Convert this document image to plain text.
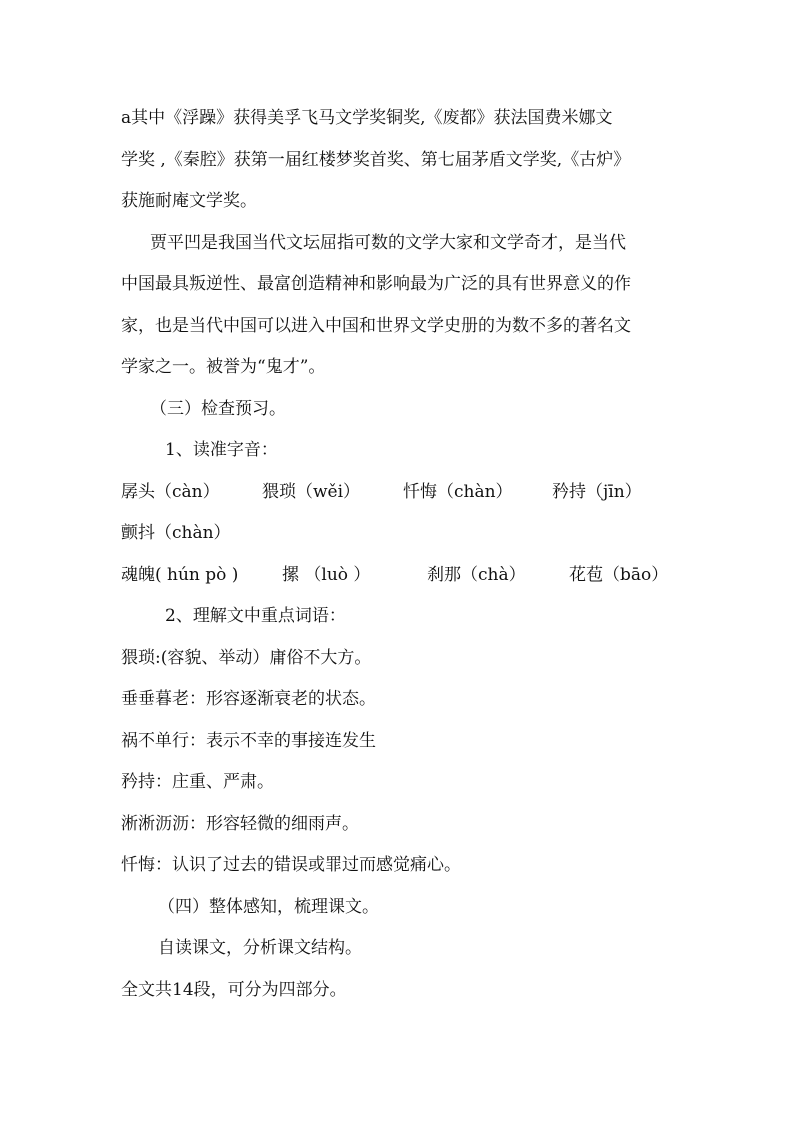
a其中《浮躁》获得美孚飞马文学奖铜奖,《废都》获法国费米娜文
学奖 ,《秦腔》获第一届红楼梦奖首奖、第七届茅盾文学奖,《古炉》
获施耐庵文学奖。
贾平凹是我国当代文坛屈指可数的文学大家和文学奇才，是当代
中国最具叛逆性、最富创造精神和影响最为广泛的具有世界意义的作
家，也是当代中国可以进入中国和世界文学史册的为数不多的著名文
学家之一。被誉为“鬼才”。
（三）检查预习。
1、读准字音：
孱头（càn） 猥琐（wěi）	忏悔（chàn） 矜持（jīn）
颤抖（chàn）
魂魄( hún pò )	摞 （luò ）	刹那（chà）	花苞（bāo）
2、理解文中重点词语：
猥琐:(容貌、举动）庸俗不大方。
垂垂暮老：形容逐渐衰老的状态。
祸不单行：表示不幸的事接连发生
矜持：庄重、严肃。
淅淅沥沥：形容轻微的细雨声。
忏悔：认识了过去的错误或罪过而感觉痛心。
（四）整体感知，梳理课文。
自读课文，分析课文结构。
全文共14段，可分为四部分。
